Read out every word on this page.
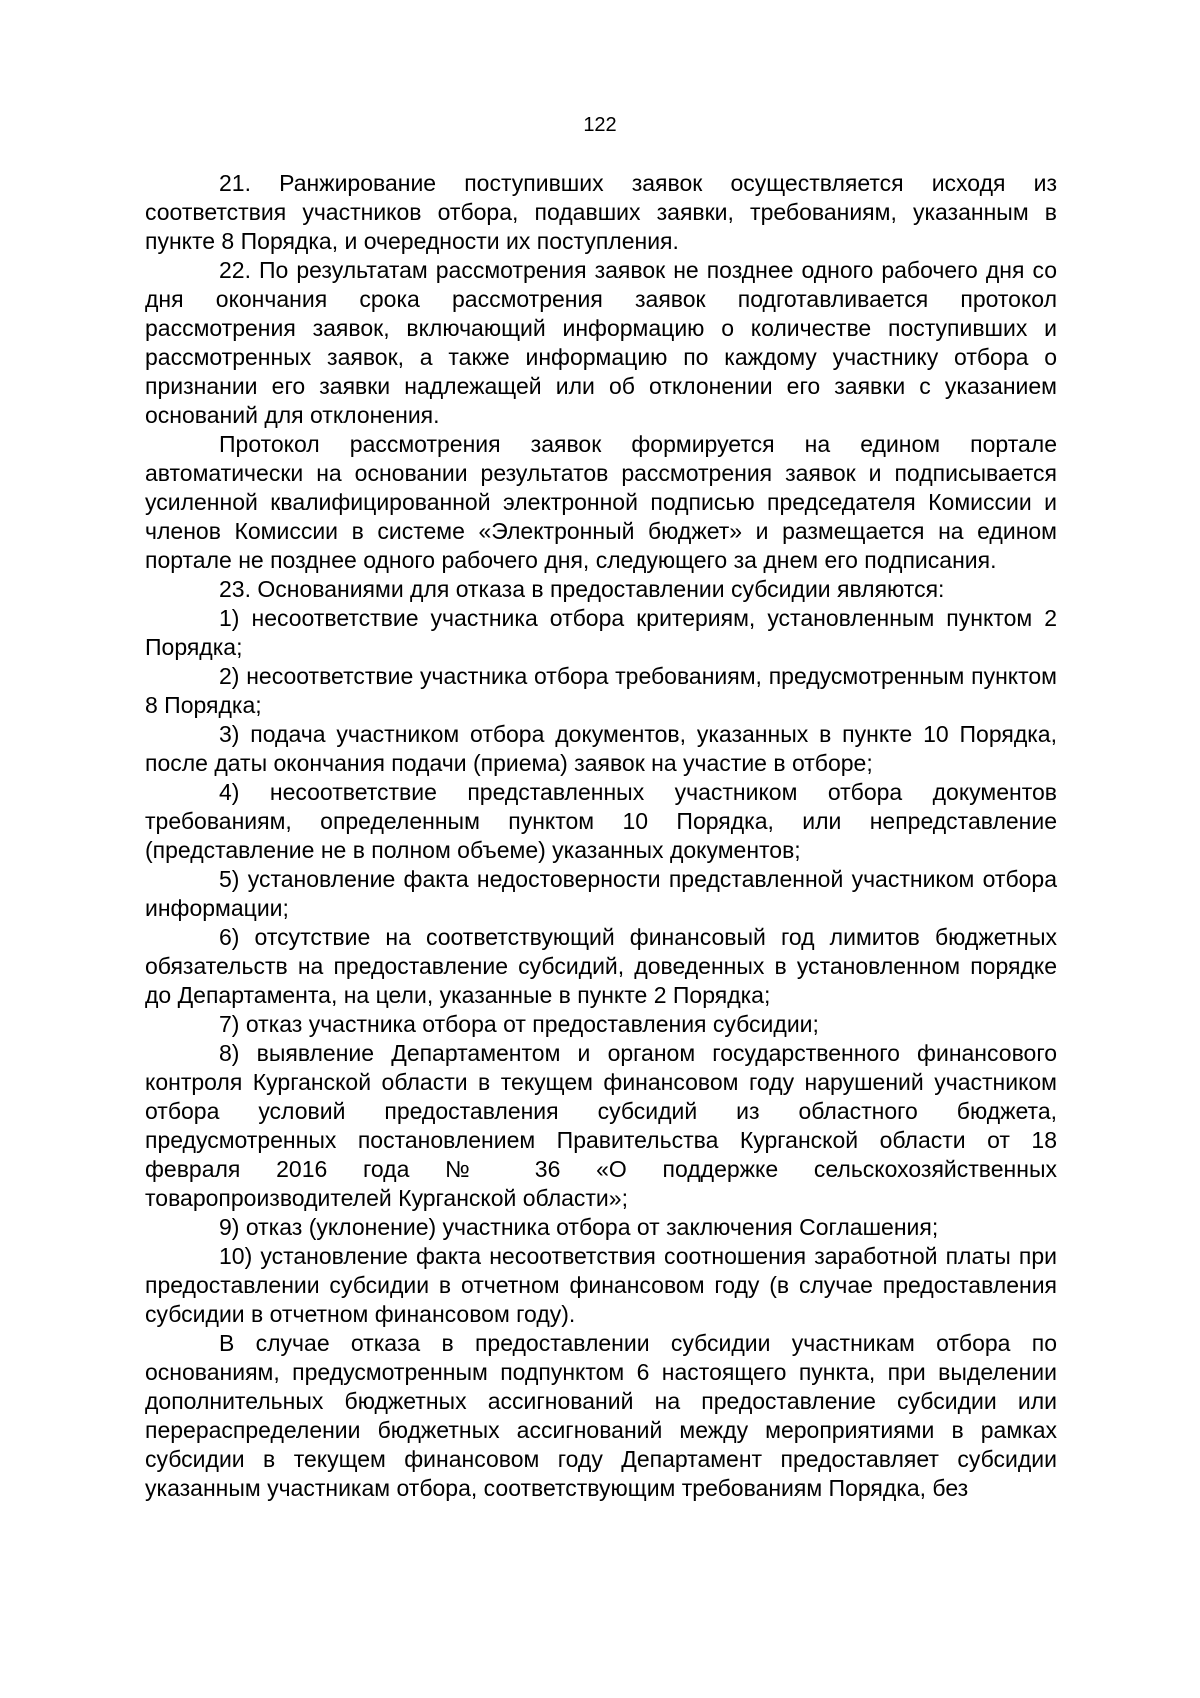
122

21. Ранжирование поступивших заявок осуществляется исходя из соответствия участников отбора, подавших заявки, требованиям, указанным в пункте 8 Порядка, и очередности их поступления.

22. По результатам рассмотрения заявок не позднее одного рабочего дня со дня окончания срока рассмотрения заявок подготавливается протокол рассмотрения заявок, включающий информацию о количестве поступивших и рассмотренных заявок, а также информацию по каждому участнику отбора о признании его заявки надлежащей или об отклонении его заявки с указанием оснований для отклонения.

Протокол рассмотрения заявок формируется на едином портале автоматически на основании результатов рассмотрения заявок и подписывается усиленной квалифицированной электронной подписью председателя Комиссии и членов Комиссии в системе «Электронный бюджет» и размещается на едином портале не позднее одного рабочего дня, следующего за днем его подписания.

23. Основаниями для отказа в предоставлении субсидии являются:

1) несоответствие участника отбора критериям, установленным пунктом 2 Порядка;

2) несоответствие участника отбора требованиям, предусмотренным пунктом 8 Порядка;

3) подача участником отбора документов, указанных в пункте 10 Порядка, после даты окончания подачи (приема) заявок на участие в отборе;

4) несоответствие представленных участником отбора документов требованиям, определенным пунктом 10 Порядка, или непредставление (представление не в полном объеме) указанных документов;

5) установление факта недостоверности представленной участником отбора информации;

6) отсутствие на соответствующий финансовый год лимитов бюджетных обязательств на предоставление субсидий, доведенных в установленном порядке до Департамента, на цели, указанные в пункте 2 Порядка;

7) отказ участника отбора от предоставления субсидии;

8) выявление Департаментом и органом государственного финансового контроля Курганской области в текущем финансовом году нарушений участником отбора условий предоставления субсидий из областного бюджета, предусмотренных постановлением Правительства Курганской области от 18 февраля 2016 года № 36 «О поддержке сельскохозяйственных товаропроизводителей Курганской области»;

9) отказ (уклонение) участника отбора от заключения Соглашения;

10) установление факта несоответствия соотношения заработной платы при предоставлении субсидии в отчетном финансовом году (в случае предоставления субсидии в отчетном финансовом году).

В случае отказа в предоставлении субсидии участникам отбора по основаниям, предусмотренным подпунктом 6 настоящего пункта, при выделении дополнительных бюджетных ассигнований на предоставление субсидии или перераспределении бюджетных ассигнований между мероприятиями в рамках субсидии в текущем финансовом году Департамент предоставляет субсидии указанным участникам отбора, соответствующим требованиям Порядка, без
